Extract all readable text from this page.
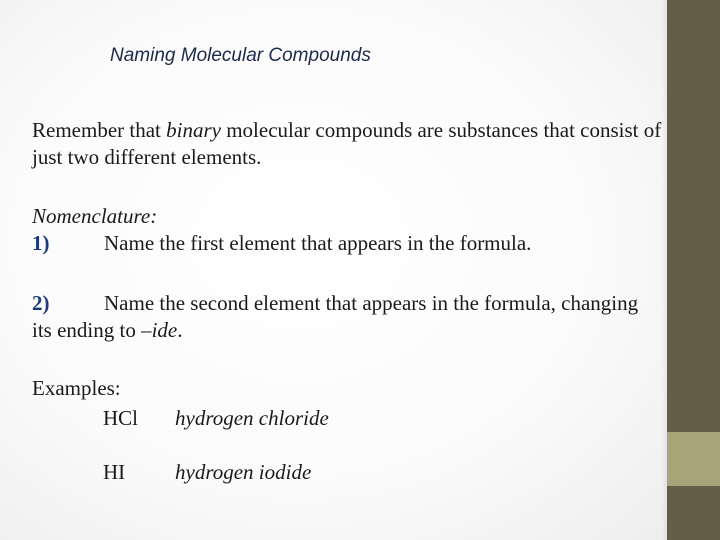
Naming Molecular Compounds
Remember that binary molecular compounds are substances that consist of just two different elements.
Nomenclature:
1)	Name the first element that appears in the formula.
2)	Name the second element that appears in the formula, changing its ending to –ide.
Examples:
HCl	hydrogen chloride
HI	hydrogen iodide
